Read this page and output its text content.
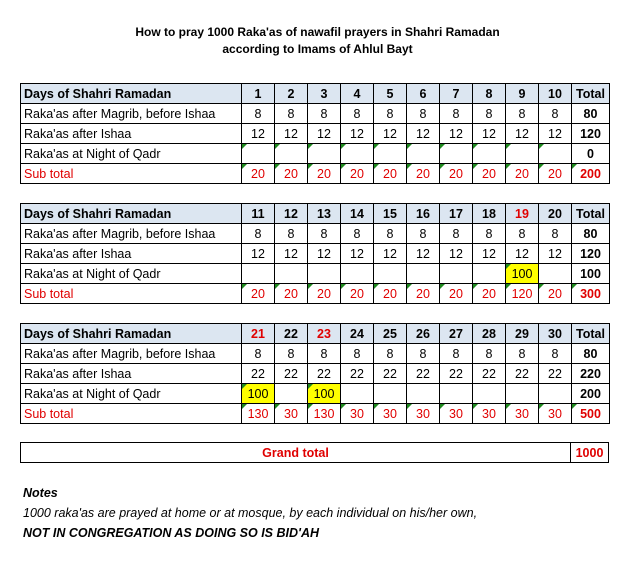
How to pray 1000 Raka'as of nawafil prayers in Shahri Ramadan
according to Imams of Ahlul Bayt
Days of Shahri Ramadan	1	2	3	4	5	6	7	8	9	10	Total
Raka'as after Magrib, before Ishaa	8	8	8	8	8	8	8	8	8	8	80
Raka'as after Ishaa	12	12	12	12	12	12	12	12	12	12	120
Raka'as at Night of Qadr											0
Sub total	20	20	20	20	20	20	20	20	20	20	200
Days of Shahri Ramadan	11	12	13	14	15	16	17	18	19	20	Total
Raka'as after Magrib, before Ishaa	8	8	8	8	8	8	8	8	8	8	80
Raka'as after Ishaa	12	12	12	12	12	12	12	12	12	12	120
Raka'as at Night of Qadr									100		100
Sub total	20	20	20	20	20	20	20	20	120	20	300
Days of Shahri Ramadan	21	22	23	24	25	26	27	28	29	30	Total
Raka'as after Magrib, before Ishaa	8	8	8	8	8	8	8	8	8	8	80
Raka'as after Ishaa	22	22	22	22	22	22	22	22	22	22	220
Raka'as at Night of Qadr	100		100								200
Sub total	130	30	130	30	30	30	30	30	30	30	500
Grand total	1000
Notes
1000 raka'as are prayed at home or at mosque, by each individual on his/her own,
NOT IN CONGREGATION AS DOING SO IS BID'AH
